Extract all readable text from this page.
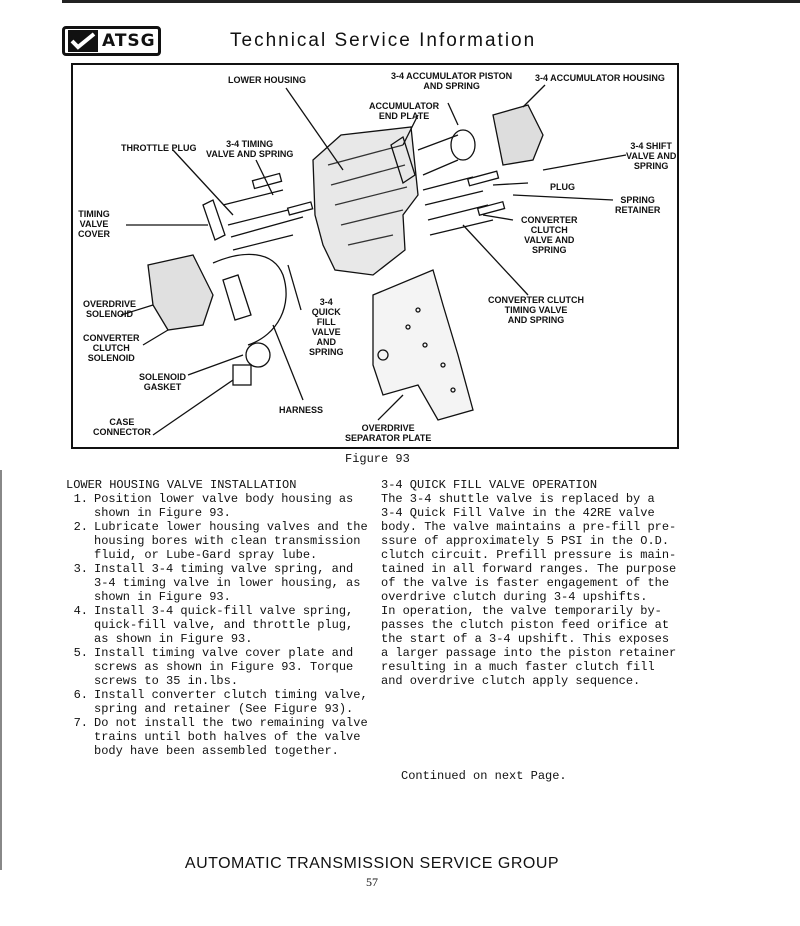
ATSG	Technical Service Information
LOWER HOUSING	3-4 ACCUMULATOR PISTON
AND SPRING
3-4 ACCUMULATOR HOUSING
ACCUMULATOR
END PLATE
THROTTLE PLUG	3-4 TIMING
VALVE AND SPRING
3-4 SHIFT
VALVE AND
SPRING
PLUG
SPRING
RETAINER
TIMING
VALVE
COVER
CONVERTER
CLUTCH
VALVE AND
SPRING
OVERDRIVE
SOLENOID
3-4
QUICK
FILL
VALVE
AND
SPRING
CONVERTER CLUTCH
TIMING VALVE
AND SPRING
CONVERTER
CLUTCH
SOLENOID
SOLENOID
GASKET
HARNESS
CASE
CONNECTOR	OVERDRIVE
SEPARATOR PLATE
Figure 93
LOWER HOUSING VALVE INSTALLATION
1. Position lower valve body housing as
shown in Figure 93.
2. Lubricate lower housing valves and the
housing bores with clean transmission
fluid, or Lube-Gard spray lube.
3. Install 3-4 timing valve spring, and
3-4 timing valve in lower housing, as
shown in Figure 93.
4. Install 3-4 quick-fill valve spring,
quick-fill valve, and throttle plug,
as shown in Figure 93.
5. Install timing valve cover plate and
screws as shown in Figure 93. Torque
screws to 35 in.lbs.
6. Install converter clutch timing valve,
spring and retainer (See Figure 93).
7. Do not install the two remaining valve
trains until both halves of the valve
body have been assembled together.
3-4 QUICK FILL VALVE OPERATION
The 3-4 shuttle valve is replaced by a
3-4 Quick Fill Valve in the 42RE valve
body. The valve maintains a pre-fill pre-
ssure of approximately 5 PSI in the O.D.
clutch circuit. Prefill pressure is main-
tained in all forward ranges. The purpose
of the valve is faster engagement of the
overdrive clutch during 3-4 upshifts.
In operation, the valve temporarily by-
passes the clutch piston feed orifice at
the start of a 3-4 upshift. This exposes
a larger passage into the piston retainer
resulting in a much faster clutch fill
and overdrive clutch apply sequence.
Continued on next Page.
AUTOMATIC TRANSMISSION SERVICE GROUP
57
